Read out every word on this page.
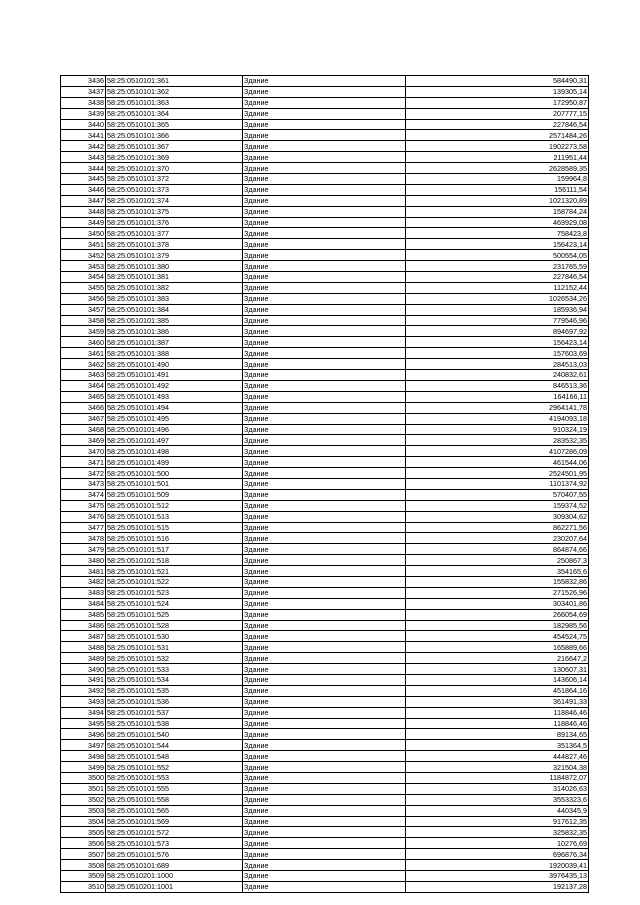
3436	58:25:0510101:361	Здание	584490,31
3437	58:25:0510101:362	Здание	139305,14
3438	58:25:0510101:363	Здание	172950,87
3439	58:25:0510101:364	Здание	207777,15
3440	58:25:0510101:365	Здание	227846,54
3441	58:25:0510101:366	Здание	2571484,26
3442	58:25:0510101:367	Здание	1902273,58
3443	58:25:0510101:369	Здание	211951,44
3444	58:25:0510101:370	Здание	2628589,35
3445	58:25:0510101:372	Здание	159964,8
3446	58:25:0510101:373	Здание	156111,54
3447	58:25:0510101:374	Здание	1021320,89
3448	58:25:0510101:375	Здание	158784,24
3449	58:25:0510101:376	Здание	469929,08
3450	58:25:0510101:377	Здание	758423,8
3451	58:25:0510101:378	Здание	156423,14
3452	58:25:0510101:379	Здание	500554,05
3453	58:25:0510101:380	Здание	231765,59
3454	58:25:0510101:381	Здание	227846,54
3455	58:25:0510101:382	Здание	112152,44
3456	58:25:0510101:383	Здание	1026534,26
3457	58:25:0510101:384	Здание	185936,94
3458	58:25:0510101:385	Здание	779546,96
3459	58:25:0510101:386	Здание	894697,92
3460	58:25:0510101:387	Здание	156423,14
3461	58:25:0510101:388	Здание	157603,69
3462	58:25:0510101:490	Здание	284513,03
3463	58:25:0510101:491	Здание	240832,61
3464	58:25:0510101:492	Здание	846513,36
3465	58:25:0510101:493	Здание	164166,11
3466	58:25:0510101:494	Здание	2964141,78
3467	58:25:0510101:495	Здание	4194093,18
3468	58:25:0510101:496	Здание	910324,19
3469	58:25:0510101:497	Здание	283532,35
3470	58:25:0510101:498	Здание	4107286,09
3471	58:25:0510101:499	Здание	461544,06
3472	58:25:0510101:500	Здание	2524501,95
3473	58:25:0510101:501	Здание	1101374,92
3474	58:25:0510101:509	Здание	570407,55
3475	58:25:0510101:512	Здание	159374,52
3476	58:25:0510101:513	Здание	309304,62
3477	58:25:0510101:515	Здание	862271,56
3478	58:25:0510101:516	Здание	230207,64
3479	58:25:0510101:517	Здание	864874,66
3480	58:25:0510101:518	Здание	250867,3
3481	58:25:0510101:521	Здание	354165,6
3482	58:25:0510101:522	Здание	155832,86
3483	58:25:0510101:523	Здание	271526,96
3484	58:25:0510101:524	Здание	303401,86
3485	58:25:0510101:525	Здание	266054,69
3486	58:25:0510101:528	Здание	182985,56
3487	58:25:0510101:530	Здание	454524,75
3488	58:25:0510101:531	Здание	165889,66
3489	58:25:0510101:532	Здание	216647,2
3490	58:25:0510101:533	Здание	130607,31
3491	58:25:0510101:534	Здание	143606,14
3492	58:25:0510101:535	Здание	451864,16
3493	58:25:0510101:536	Здание	361491,33
3494	58:25:0510101:537	Здание	118846,46
3495	58:25:0510101:538	Здание	118846,46
3496	58:25:0510101:540	Здание	89134,65
3497	58:25:0510101:544	Здание	351364,5
3498	58:25:0510101:548	Здание	444827,46
3499	58:25:0510101:552	Здание	321504,38
3500	58:25:0510101:553	Здание	1184872,07
3501	58:25:0510101:555	Здание	314026,63
3502	58:25:0510101:558	Здание	3553323,6
3503	58:25:0510101:565	Здание	440345,9
3504	58:25:0510101:569	Здание	917612,35
3505	58:25:0510101:572	Здание	325832,35
3506	58:25:0510101:573	Здание	10276,69
3507	58:25:0510101:576	Здание	696876,34
3508	58:25:0510101:689	Здание	1920039,41
3509	58:25:0510201:1000	Здание	3976435,13
3510	58:25:0510201:1001	Здание	192137,28
